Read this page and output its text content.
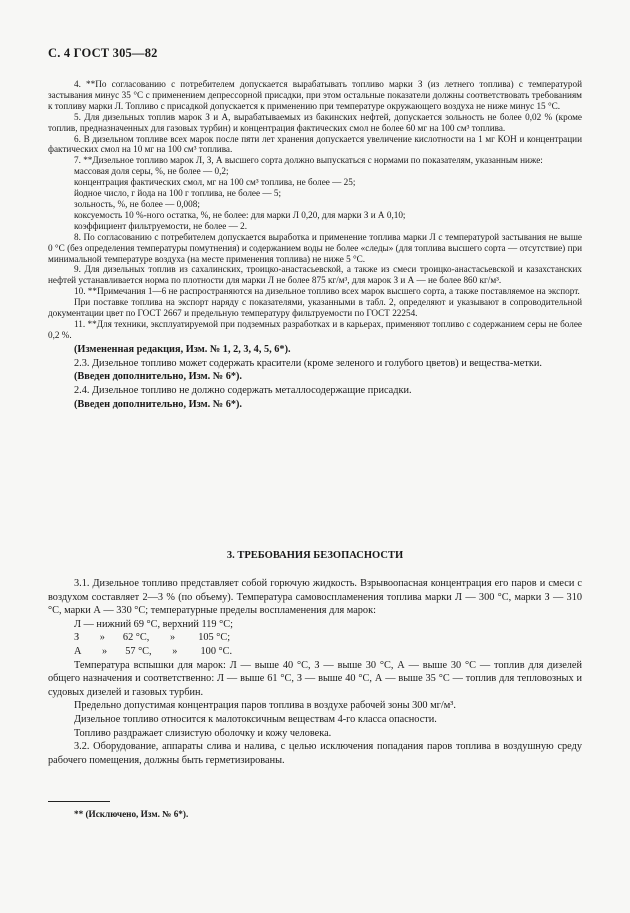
С. 4 ГОСТ 305—82

4. **По согласованию с потребителем допускается вырабатывать топливо марки З (из летнего топлива) с температурой застывания минус 35 °С с применением депрессорной присадки, при этом остальные показатели должны соответствовать требованиям к топливу марки Л. Топливо с присадкой допускается к применению при температуре окружающего воздуха не ниже минус 15 °С.

5. Для дизельных топлив марок З и А, вырабатываемых из бакинских нефтей, допускается зольность не более 0,02 % (кроме топлив, предназначенных для газовых турбин) и концентрация фактических смол не более 60 мг на 100 см³ топлива.

6. В дизельном топливе всех марок после пяти лет хранения допускается увеличение кислотности на 1 мг КОН и концентрации фактических смол на 10 мг на 100 см³ топлива.

7. **Дизельное топливо марок Л, З, А высшего сорта должно выпускаться с нормами по показателям, указанным ниже:

массовая доля серы, %, не более — 0,2;

концентрация фактических смол, мг на 100 см³ топлива, не более — 25;

йодное число, г йода на 100 г топлива, не более — 5;

зольность, %, не более — 0,008;

коксуемость 10 %-ного остатка, %, не более: для марки Л 0,20, для марки З и А 0,10;

коэффициент фильтруемости, не более — 2.

8. По согласованию с потребителем допускается выработка и применение топлива марки Л с температурой застывания не выше 0 °С (без определения температуры помутнения) и содержанием воды не более «следы» (для топлива высшего сорта — отсутствие) при минимальной температуре воздуха (на месте применения топлива) не ниже 5 °С.

9. Для дизельных топлив из сахалинских, троицко-анастасьевской, а также из смеси троицко-анастасьевской и казахстанских нефтей устанавливается норма по плотности для марки Л не более 875 кг/м³, для марок З и А — не более 860 кг/м³.

10. **Примечания 1—6 не распространяются на дизельное топливо всех марок высшего сорта, а также поставляемое на экспорт.

При поставке топлива на экспорт наряду с показателями, указанными в табл. 2, определяют и указывают в сопроводительной документации цвет по ГОСТ 2667 и предельную температуру фильтруемости по ГОСТ 22254.

11. **Для техники, эксплуатируемой при подземных разработках и в карьерах, применяют топливо с содержанием серы не более 0,2 %.

(Измененная редакция, Изм. № 1, 2, 3, 4, 5, 6*).

2.3. Дизельное топливо может содержать красители (кроме зеленого и голубого цветов) и вещества-метки.

(Введен дополнительно, Изм. № 6*).

2.4. Дизельное топливо не должно содержать металлосодержащие присадки.

(Введен дополнительно, Изм. № 6*).

3. ТРЕБОВАНИЯ БЕЗОПАСНОСТИ

3.1. Дизельное топливо представляет собой горючую жидкость. Взрывоопасная концентрация его паров и смеси с воздухом составляет 2—3 % (по объему). Температура самовоспламенения топлива марки Л — 300 °С, марки З — 310 °С, марки А — 330 °С; температурные пределы воспламенения для марок:

Л — нижний 69 °С, верхний 119 °С;
З        »       62 °С,        »         105 °С;
А        »       57 °С,        »         100 °С.

Температура вспышки для марок: Л — выше 40 °С, З — выше 30 °С, А — выше 30 °С — топлив для дизелей общего назначения и соответственно: Л — выше 61 °С, З — выше 40 °С, А — выше 35 °С — топлив для тепловозных и судовых дизелей и газовых турбин.

Предельно допустимая концентрация паров топлива в воздухе рабочей зоны 300 мг/м³.

Дизельное топливо относится к малотоксичным веществам 4-го класса опасности.

Топливо раздражает слизистую оболочку и кожу человека.

3.2. Оборудование, аппараты слива и налива, с целью исключения попадания паров топлива в воздушную среду рабочего помещения, должны быть герметизированы.

** (Исключено, Изм. № 6*).
